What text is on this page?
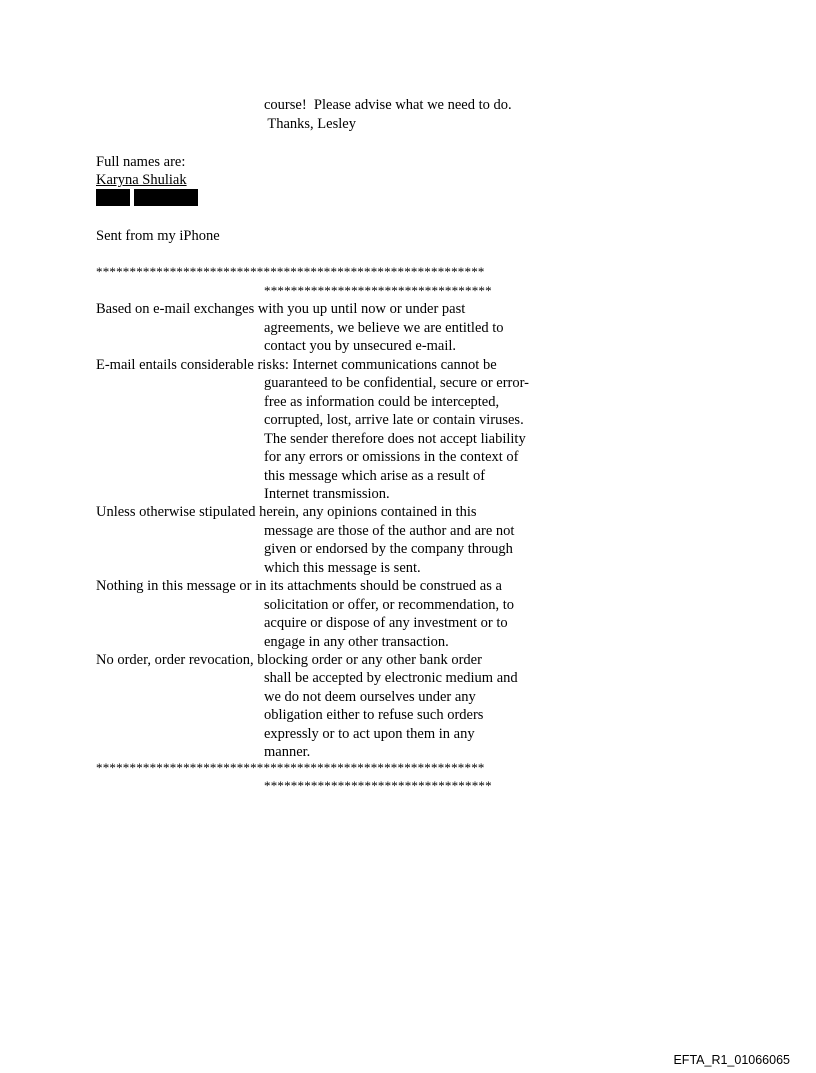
course!  Please advise what we need to do.
Thanks, Lesley
Full names are:
Karyna Shuliak
Sent from my iPhone
**********************************************************
**********************************
Based on e-mail exchanges with you up until now or under past
agreements, we believe we are entitled to
contact you by unsecured e-mail.
E-mail entails considerable risks: Internet communications cannot be
guaranteed to be confidential, secure or error-
free as information could be intercepted,
corrupted, lost, arrive late or contain viruses.
The sender therefore does not accept liability
for any errors or omissions in the context of
this message which arise as a result of
Internet transmission.
Unless otherwise stipulated herein, any opinions contained in this
message are those of the author and are not
given or endorsed by the company through
which this message is sent.
Nothing in this message or in its attachments should be construed as a
solicitation or offer, or recommendation, to
acquire or dispose of any investment or to
engage in any other transaction.
No order, order revocation, blocking order or any other bank order
shall be accepted by electronic medium and
we do not deem ourselves under any
obligation either to refuse such orders
expressly or to act upon them in any
manner.
**********************************************************
**********************************
EFTA_R1_01066065
